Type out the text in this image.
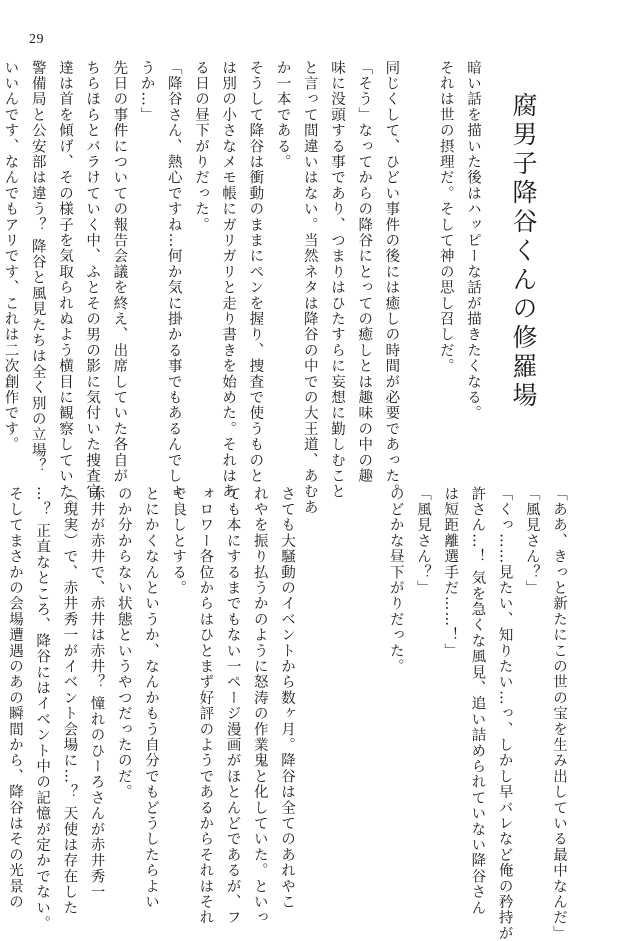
29
腐男子降谷くんの修羅場
暗い話を描いた後はハッピーな話が描きたくなる。
それは世の摂理だ。そして神の思し召しだ。
同じくして、ひどい事件の後には癒しの時間が必要であった。
「そう」なってからの降谷にとっての癒しとは趣味の中の趣
味に没頭する事であり、つまりはひたすらに妄想に勤しむこと
と言って間違いはない。当然ネタは降谷の中での大王道、あむあ
か一本である。
そうして降谷は衝動のままにペンを握り、捜査で使うものと
は別の小さなメモ帳にガリガリと走り書きを始めた。それはあ
る日の昼下がりだった。
「降谷さん、熱心ですね…何か気に掛かる事でもあるんでしょ
うか…」
先日の事件についての報告会議を終え、出席していた各自が
ちらほらとバラけていく中、ふとその男の影に気付いた捜査官
達は首を傾げ、その様子を気取られぬよう横目に観察していた。
警備局と公安部は違う？ 降谷と風見たちは全く別の立場？
いいんです、なんでもアリです、これは二次創作です。
「ああ、きっと新たにこの世の宝を生み出している最中なんだ」
「風見さん？」
「くっ……見たい、知りたい…っ、しかし早バレなど俺の矜持が
許さん…！ 気を急くな風見、追い詰められていない降谷さん
は短距離選手だ……！」
「風見さん？」
のどかな昼下がりだった。
さても大騒動のイベントから数ヶ月。降谷は全てのあれやこ
れやを振り払うかのように怒涛の作業鬼と化していた。といっ
ても本にするまでもない一ページ漫画がほとんどであるが、フ
ォロワー各位からはひとまず好評のようであるからそれはそれ
で良しとする。
とにかくなんというか、なんかもう自分でもどうしたらよい
のか分からない状態というやつだったのだ。
赤井が赤井で、赤井は赤井？ 憧れのひーろさんが赤井秀一
（現実）で、赤井秀一がイベント会場に…？ 天使は存在した
…？ 正直なところ、降谷にはイベント中の記憶が定かでない。
そしてまさかの会場遭遇のあの瞬間から、降谷はその光景の
